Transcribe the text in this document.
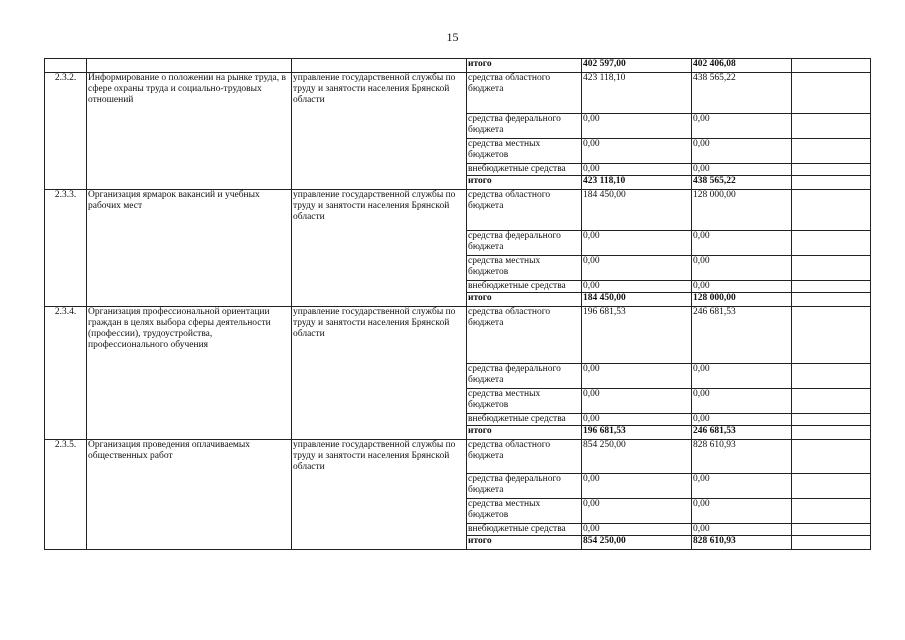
15
			итого	402 597,00	402 406,08	
2.3.2.	Информирование о положении на рынке труда, в сфере охраны труда и социально-трудовых отношений	управление государственной службы по труду и занятости населения Брянской области	средства областного бюджета	423 118,10	438 565,22	
			средства федерального бюджета	0,00	0,00	
			средства местных бюджетов	0,00	0,00	
			внебюджетные средства	0,00	0,00	
			итого	423 118,10	438 565,22	
2.3.3.	Организация ярмарок вакансий и учебных рабочих мест	управление государственной службы по труду и занятости населения Брянской области	средства областного бюджета	184 450,00	128 000,00	
			средства федерального бюджета	0,00	0,00	
			средства местных бюджетов	0,00	0,00	
			внебюджетные средства	0,00	0,00	
			итого	184 450,00	128 000,00	
2.3.4.	Организация профессиональной ориентации граждан в целях выбора сферы деятельности (профессии), трудоустройства, профессионального обучения	управление государственной службы по труду и занятости населения Брянской области	средства областного бюджета	196 681,53	246 681,53	
			средства федерального бюджета	0,00	0,00	
			средства местных бюджетов	0,00	0,00	
			внебюджетные средства	0,00	0,00	
			итого	196 681,53	246 681,53	
2.3.5.	Организация проведения оплачиваемых общественных работ	управление государственной службы по труду и занятости населения Брянской области	средства областного бюджета	854 250,00	828 610,93	
			средства федерального бюджета	0,00	0,00	
			средства местных бюджетов	0,00	0,00	
			внебюджетные средства	0,00	0,00	
			итого	854 250,00	828 610,93	
